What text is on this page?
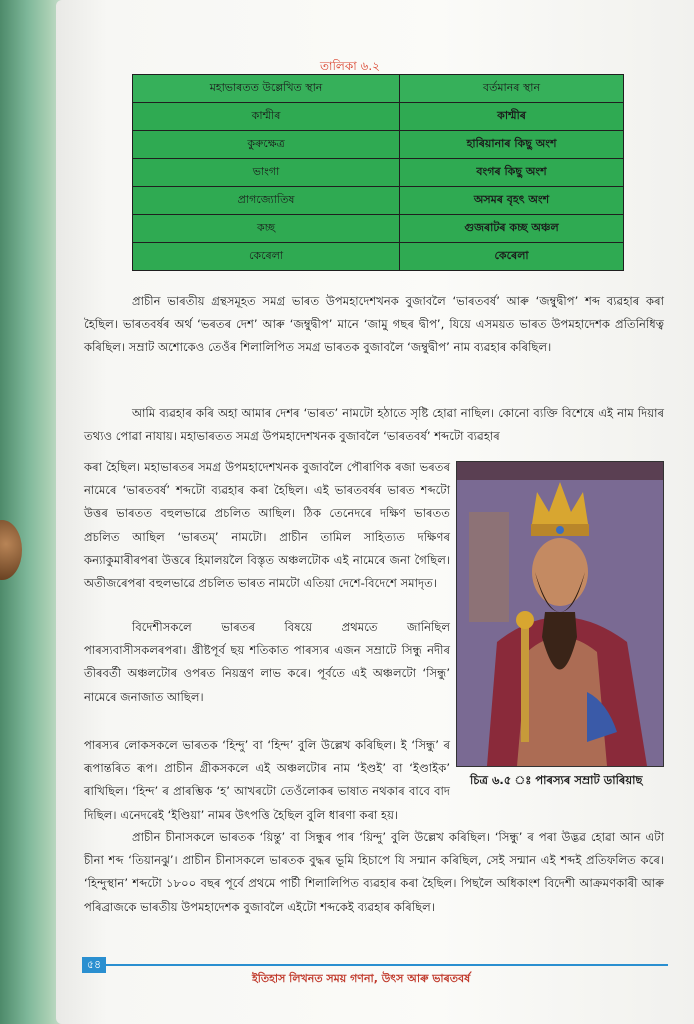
তালিকা ৬.২
মহাভাৰতত উল্লেখিত স্থান	বৰ্তমানৰ স্থান
কাশ্মীৰ	কাশ্মীৰ
কুৰুক্ষেত্ৰ	হাৰিয়ানাৰ কিছু অংশ
ভাংগা	বংগৰ কিছু অংশ
প্ৰাগজ্যোতিষ	অসমৰ বৃহৎ অংশ
কচ্ছ	গুজৰাটৰ কচ্ছ অঞ্চল
কেৰেলা	কেৰেলা

প্ৰাচীন ভাৰতীয় গ্ৰন্থসমূহত সমগ্ৰ ভাৰত উপমহাদেশখনক বুজাবলৈ ‘ভাৰতবৰ্ষ’ আৰু ‘জম্বুদ্বীপ’ শব্দ ব্যৱহাৰ কৰা হৈছিল। ভাৰতবৰ্ষৰ অৰ্থ ‘ভৰতৰ দেশ’ আৰু ‘জম্বুদ্বীপ’ মানে ‘জামু গছৰ দ্বীপ’, যিয়ে এসময়ত ভাৰত উপমহাদেশক প্ৰতিনিধিত্ব কৰিছিল। সম্ৰাট অশোকেও তেওঁৰ শিলালিপিত সমগ্ৰ ভাৰতক বুজাবলৈ ‘জম্বুদ্বীপ’ নাম ব্যৱহাৰ কৰিছিল।

আমি ব্যৱহাৰ কৰি অহা আমাৰ দেশৰ ‘ভাৰত’ নামটো হঠাতে সৃষ্টি হোৱা নাছিল। কোনো ব্যক্তি বিশেষে এই নাম দিয়াৰ তথ্যও পোৱা নাযায়। মহাভাৰতত সমগ্ৰ উপমহাদেশখনক বুজাবলৈ ‘ভাৰতবৰ্ষ’ শব্দটো ব্যৱহাৰ

কৰা হৈছিল। মহাভাৰতৰ সমগ্ৰ উপমহাদেশখনক বুজাবলৈ পৌৰাণিক ৰজা ভৰতৰ নামেৰে ‘ভাৰতবৰ্ষ’ শব্দটো ব্যৱহাৰ কৰা হৈছিল। এই ভাৰতবৰ্ষৰ ভাৰত শব্দটো উত্তৰ ভাৰতত বহুলভাৱে প্ৰচলিত আছিল। ঠিক তেনেদৰে দক্ষিণ ভাৰতত প্ৰচলিত আছিল ‘ভাৰতম্’ নামটো। প্ৰাচীন তামিল সাহিত্যত দক্ষিণৰ কন্যাকুমাৰীৰপৰা উত্তৰে হিমালয়লৈ বিস্তৃত অঞ্চলটোক এই নামেৰে জনা গৈছিল। অতীজৰেপৰা বহুলভাৱে প্ৰচলিত ভাৰত নামটো এতিয়া দেশে-বিদেশে সমাদৃত।

বিদেশীসকলে ভাৰতৰ বিষয়ে প্ৰথমতে জানিছিল পাৰস্যবাসীসকলৰপৰা। খ্ৰীষ্টপূৰ্ব ছয় শতিকাত পাৰস্যৰ এজন সম্ৰাটে সিন্ধু নদীৰ তীৰবৰ্তী অঞ্চলটোৰ ওপৰত নিয়ন্ত্ৰণ লাভ কৰে। পূৰ্বতে এই অঞ্চলটো ‘সিন্ধু’ নামেৰে জনাজাত আছিল।

পাৰস্যৰ লোকসকলে ভাৰতক ‘হিন্দু’ বা ‘হিন্দ’ বুলি উল্লেখ কৰিছিল। ই ‘সিন্ধু’ ৰ ৰূপান্তৰিত ৰূপ। প্ৰাচীন গ্ৰীকসকলে এই অঞ্চলটোৰ নাম ‘ইণ্ডই’ বা ‘ইণ্ডাইক’ ৰাখিছিল। ‘হিন্দ’ ৰ প্ৰাৰম্ভিক ‘হ’ আখৰটো তেওঁলোকৰ ভাষাত নথকাৰ বাবে বাদ দিছিল। এনেদৰেই ‘ইণ্ডিয়া’ নামৰ উৎপত্তি হৈছিল বুলি ধাৰণা কৰা হয়।

প্ৰাচীন চীনাসকলে ভাৰতক ‘য়িন্তু’ বা সিন্ধুৰ পাৰ ‘য়িন্দু’ বুলি উল্লেখ কৰিছিল। ‘সিন্ধু’ ৰ পৰা উদ্ভৱ হোৱা আন এটা চীনা শব্দ ‘তিয়ানঝু’। প্ৰাচীন চীনাসকলে ভাৰতক বুদ্ধৰ ভূমি হিচাপে যি সন্মান কৰিছিল, সেই সন্মান এই শব্দই প্ৰতিফলিত কৰে। ‘হিন্দুস্থান’ শব্দটো ১৮০০ বছৰ পূৰ্বে প্ৰথমে পাৰ্চী শিলালিপিত ব্যৱহাৰ কৰা হৈছিল। পিছলৈ অধিকাংশ বিদেশী আক্ৰমণকাৰী আৰু পৰিব্ৰাজকে ভাৰতীয় উপমহাদেশক বুজাবলৈ এইটো শব্দকেই ব্যৱহাৰ কৰিছিল।

চিত্ৰ ৬.৫ ঃ পাৰস্যৰ সম্ৰাট ডাৰিয়াছ
৫৪
ইতিহাস লিখনত সময় গণনা, উৎস আৰু ভাৰতবৰ্ষ
